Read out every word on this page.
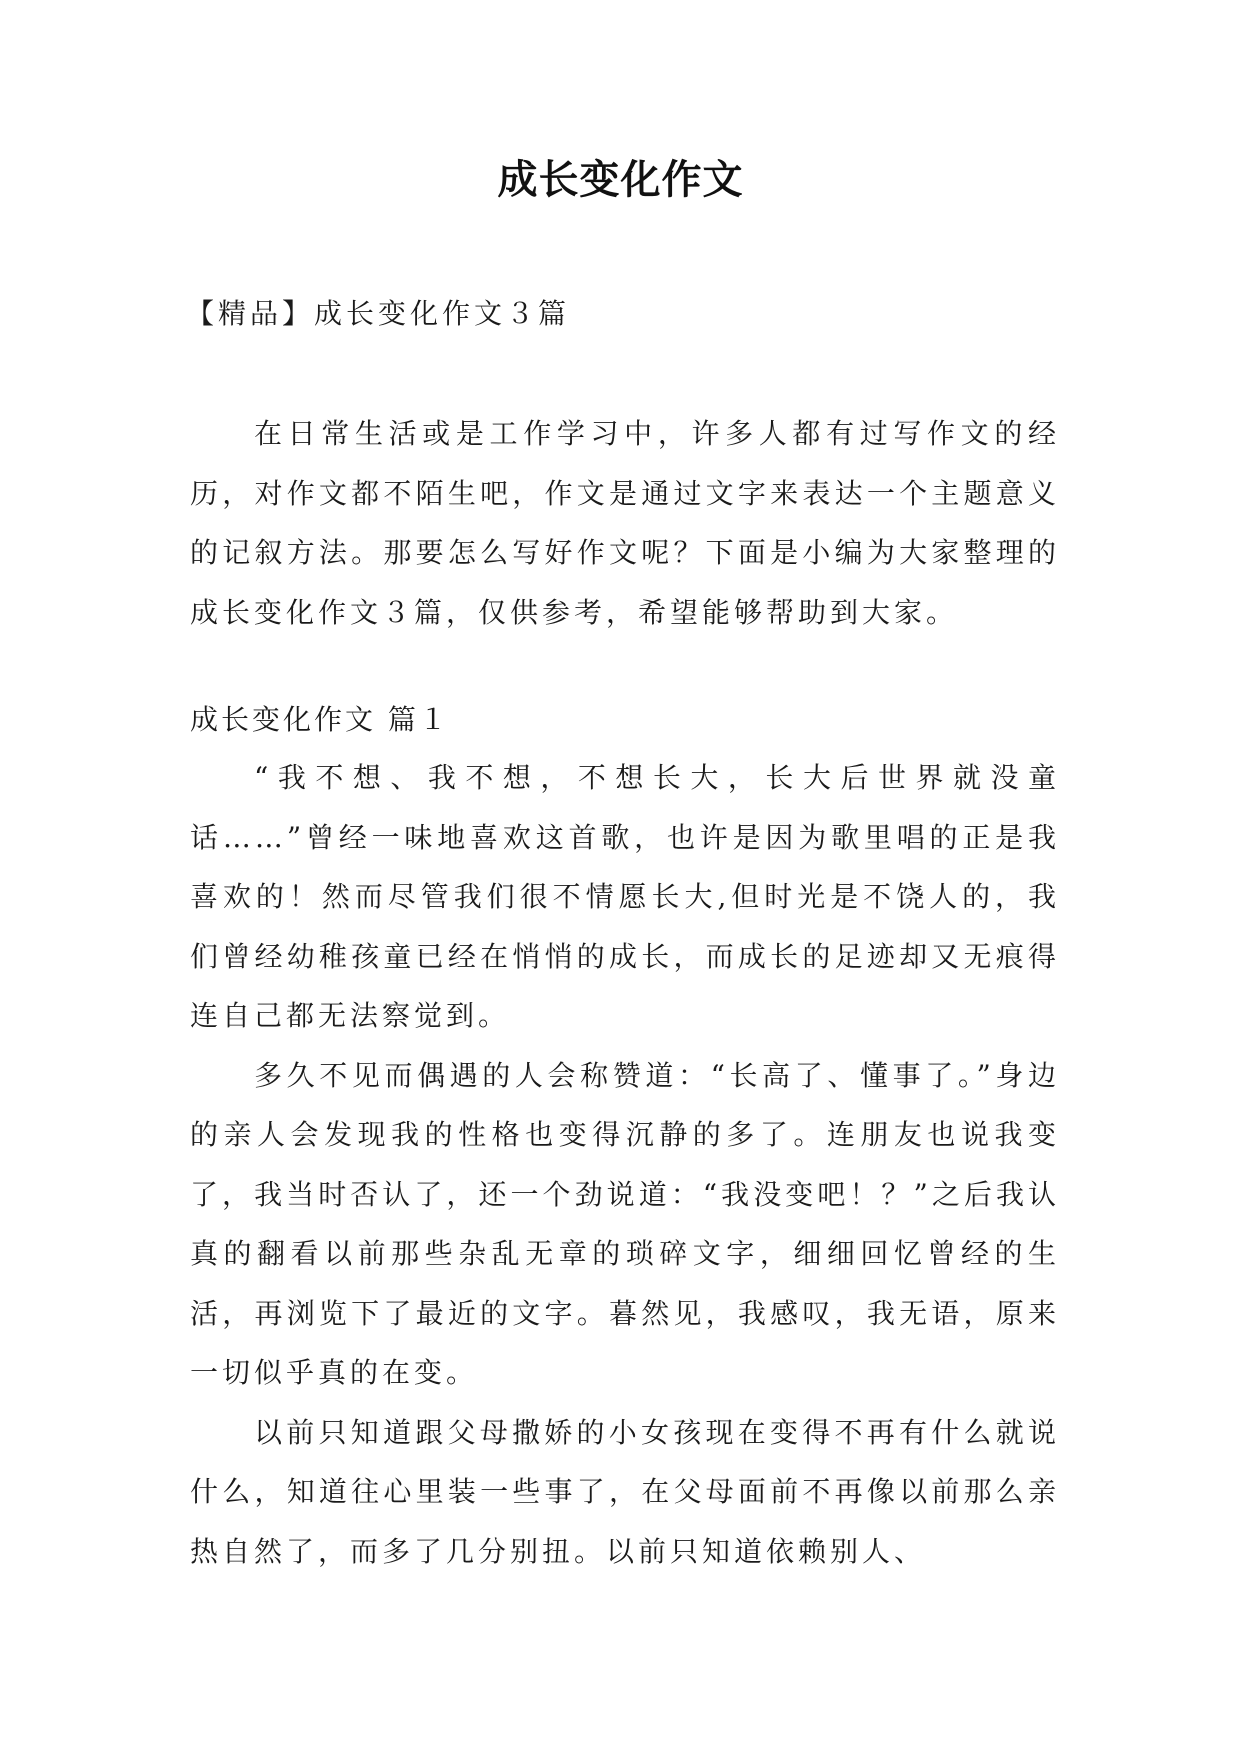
成长变化作文
【精品】成长变化作文３篇

在日常生活或是工作学习中，许多人都有过写作文的经历，对作文都不陌生吧，作文是通过文字来表达一个主题意义的记叙方法。那要怎么写好作文呢？下面是小编为大家整理的成长变化作文３篇，仅供参考，希望能够帮助到大家。

成长变化作文 篇１

“我不想、我不想，不想长大，长大后世界就没童话……”曾经一味地喜欢这首歌，也许是因为歌里唱的正是我喜欢的！然而尽管我们很不情愿长大,但时光是不饶人的，我们曾经幼稚孩童已经在悄悄的成长，而成长的足迹却又无痕得连自己都无法察觉到。

多久不见而偶遇的人会称赞道：“长高了、懂事了。”身边的亲人会发现我的性格也变得沉静的多了。连朋友也说我变了，我当时否认了，还一个劲说道：“我没变吧！？”之后我认真的翻看以前那些杂乱无章的琐碎文字，细细回忆曾经的生活，再浏览下了最近的文字。暮然见，我感叹，我无语，原来一切似乎真的在变。

以前只知道跟父母撒娇的小女孩现在变得不再有什么就说什么，知道往心里装一些事了，在父母面前不再像以前那么亲热自然了，而多了几分别扭。以前只知道依赖别人、
